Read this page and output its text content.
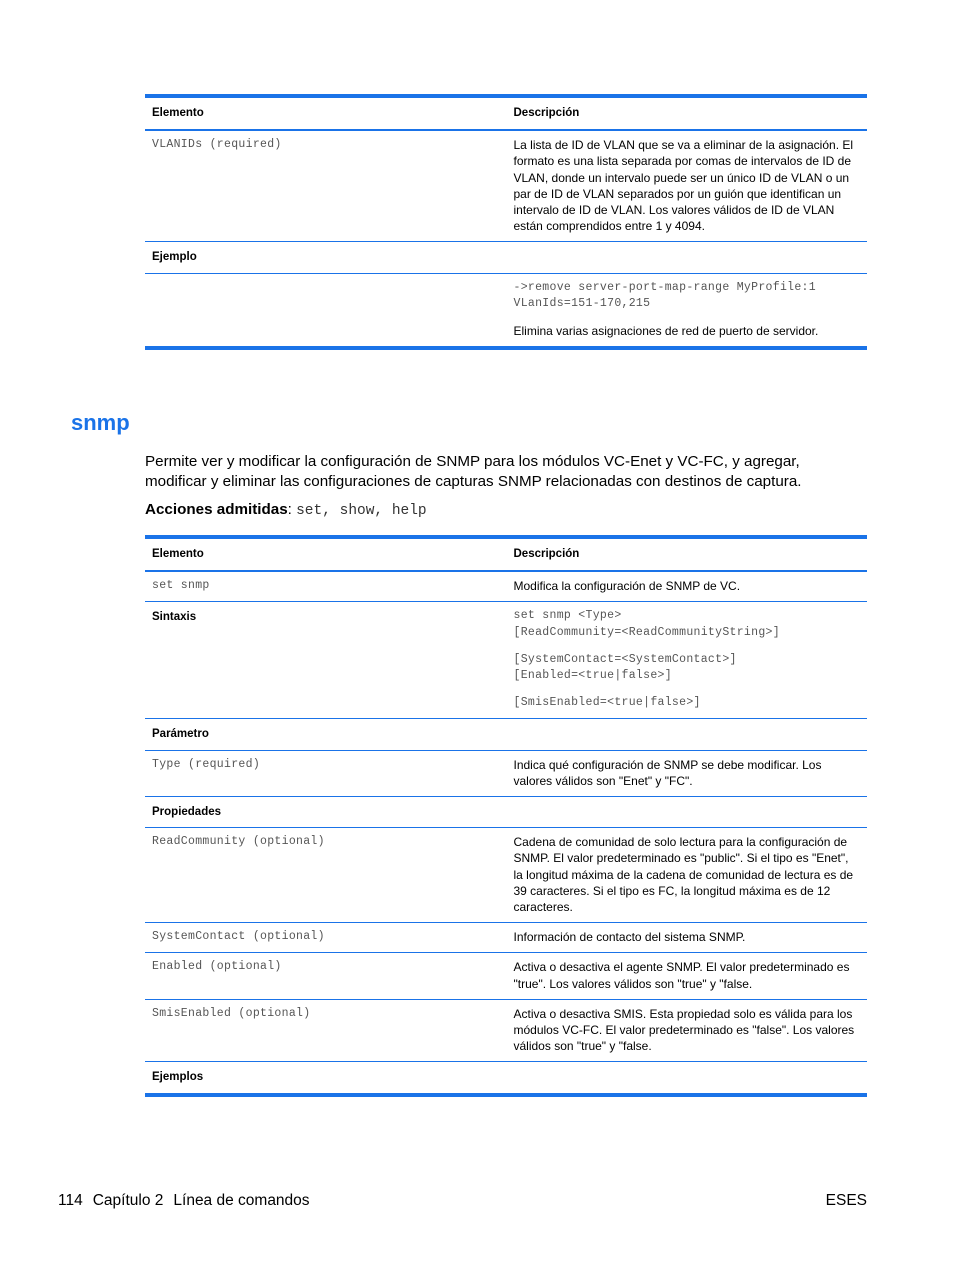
Elemento	Descripción
VLANIDs (required)	La lista de ID de VLAN que se va a eliminar de la asignación. El formato es una lista separada por comas de intervalos de ID de VLAN, donde un intervalo puede ser un único ID de VLAN o un par de ID de VLAN separados por un guión que identifican un intervalo de ID de VLAN. Los valores válidos de ID de VLAN están comprendidos entre 1 y 4094.
Ejemplo	

	->remove server-port-map-range MyProfile:1
VLanIds=151-170,215

Elimina varias asignaciones de red de puerto de servidor.

snmp
Permite ver y modificar la configuración de SNMP para los módulos VC-Enet y VC-FC, y agregar, modificar y eliminar las configuraciones de capturas SNMP relacionadas con destinos de captura.
Acciones admitidas: set, show, help
Elemento	Descripción
set snmp	Modifica la configuración de SNMP de VC.
Sintaxis	set snmp <Type>
[ReadCommunity=<ReadCommunityString>]

[SystemContact=<SystemContact>]
[Enabled=<true|false>]

[SmisEnabled=<true|false>]

Parámetro	
Type (required)	Indica qué configuración de SNMP se debe modificar. Los valores válidos son "Enet" y "FC".
Propiedades	
ReadCommunity (optional)	Cadena de comunidad de solo lectura para la configuración de SNMP. El valor predeterminado es "public". Si el tipo es "Enet", la longitud máxima de la cadena de comunidad de lectura es de 39 caracteres. Si el tipo es FC, la longitud máxima es de 12 caracteres.
SystemContact (optional)	Información de contacto del sistema SNMP.
Enabled (optional)	Activa o desactiva el agente SNMP. El valor predeterminado es "true". Los valores válidos son "true" y "false.
SmisEnabled (optional)	Activa o desactiva SMIS. Esta propiedad solo es válida para los módulos VC-FC. El valor predeterminado es "false". Los valores válidos son "true" y "false.
Ejemplos	
114 Capítulo 2 Línea de comandos	ESES
